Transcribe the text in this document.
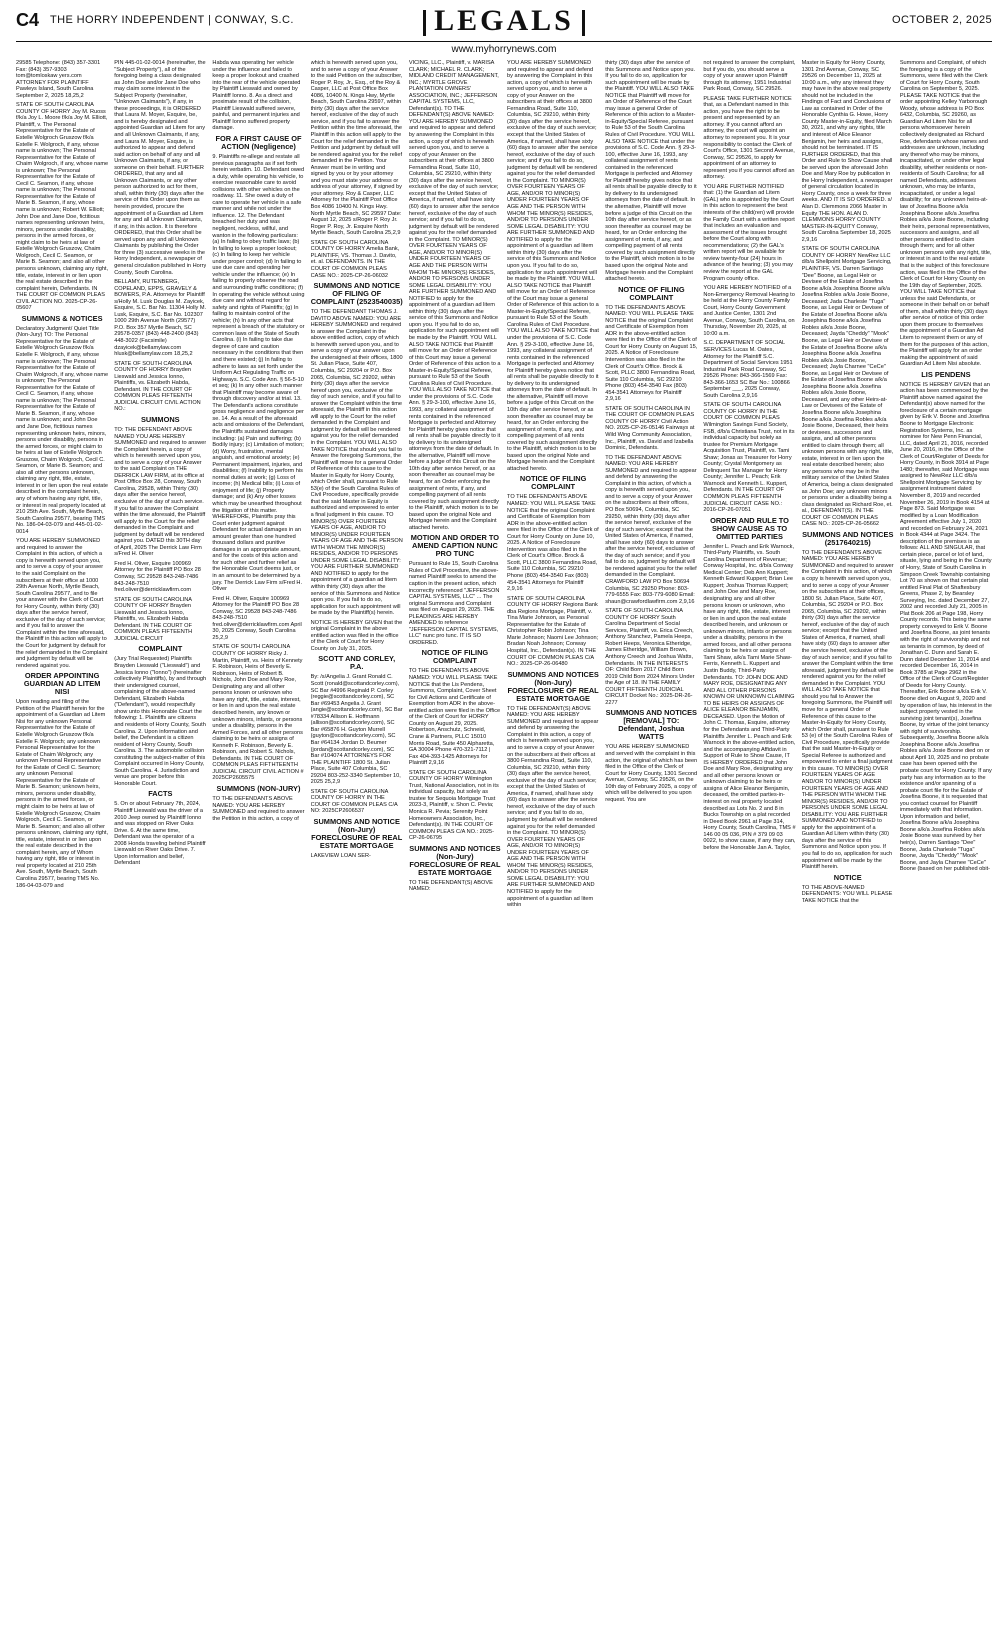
C4 THE HORRY INDEPENDENT | CONWAY, S.C.	LEGALS	OCTOBER 2, 2025
www.myhorrynews.com

29585 Telephone: (843) 357-3301 Fax: (843) 357-9303 tom@tomloskaw yers.com ATTORNEY FOR PLAINTIFF Pawleys Island, South Carolina September 2, 2025 18,25,2

STATE OF SOUTH CAROLINA COUNTY OF HORRY Joy M. Ruoss f/k/a Joy L. Moore f/k/a Joy M. Elliott, Plaintiff, v. The Personal Representative for the Estate of Estelle Wolgroch Gruszow f/k/a Estelle F. Wolgroch, if any, whose name is unknown; The Personal Representative for the Estate of Chaim Wolgroch, if any, whose name is unknown; The Personal Representative for the Estate of Cecil C. Seamon, if any, whose name is unknown; The Personal Representative for the Estate of Marie B. Seamon, if any, whose name is unknown; Robert W. Elliott; John Doe and Jane Doe, fictitious names representing unknown heirs, minors, persons under disability, persons in the armed forces, or might claim to be heirs at law of Estelle Wolgroch Gruszow, Chaim Wolgroch, Cecil C. Seamon, or Marie B. Seamon; and also all other persons unknown, claiming any right, title, estate, interest in or lien upon the real estate described in the complaint herein, Defendants. IN THE COURT OF COMMON PLEAS CIVIL ACTION NO. 2025-CP-26-05607

SUMMONS & NOTICES

Declaratory Judgment/ Quiet Title (Non-Jury) TO: The Personal Representative for the Estate of Estelle Wolgroch Gruszow f/k/a Estelle F. Wolgroch, if any, whose name is unknown; The Personal Representative for the Estate of Chaim Wolgroch, if any, whose name is unknown; The Personal Representative for the Estate of Cecil C. Seamon, if any, whose name is unknown; The Personal Representative for the Estate of Marie B. Seamon, if any, whose name is unknown; and John Doe and Jane Doe, fictitious names representing unknown heirs, minors, persons under disability, persons in the armed forces, or might claim to be heirs at law of Estelle Wolgroch Gruszow, Chaim Wolgroch, Cecil C. Seamon, or Marie B. Seamon; and also all other persons unknown, claiming any right, title, estate, interest in or lien upon the real estate described in the complaint herein, any of whom having any right, title, or interest in real property located at 210 25th Ave. South, Myrtle Beach, South Carolina 29577, bearing TMS No. 186-04-03-079 and 445-01-02-0014

YOU ARE HEREBY SUMMONED and required to answer the Complaint in this action, of which a copy is herewith served upon you, and to serve a copy of your answer to the said Complaint on the subscribers at their office at 1000 29th Avenue North, Myrtle Beach, South Carolina 29577, and to file your answer with the Clerk of Court for Horry County, within thirty (30) days after the service hereof, exclusive of the day of such service; and if you fail to answer the Complaint within the time aforesaid, the Plaintiff in this action will apply to the Court for judgment by default for the relief demanded in the Complaint and judgment by default will be rendered against you.

ORDER APPOINTING GUARDIAN AD LITEM NISI

Upon reading and filing of the Petition of the Plaintiff herein for the appointment of a Guardian ad Litem Nisi for any unknown Personal Representative for the Estate of Estelle Wolgroch Gruszow f/k/a Estelle F. Wolgroch; any unknown Personal Representative for the Estate of Chaim Wolgroch; any unknown Personal Representative for the Estate of Cecil C. Seamon; any unknown Personal Representative for the Estate of Marie B. Seamon; unknown heirs, minors, persons under disability, persons in the armed forces, or might claim to be heirs at law of Estelle Wolgroch Gruszow, Chaim Wolgroch, Cecil C. Seamon, or Marie B. Seamon; and also all other persons unknown, claiming any right, title, estate, interest in or lien upon the real estate described in the complaint herein, any of Whom having any right, title or interest in real property located at 210 25th Ave. South, Myrtle Beach, South Carolina 29577, bearing TMS No. 186-04-03-079 and

PIN 445-01-02-0014 (hereinafter, the "Subject Property"), all of the foregoing being a class designated as John Doe and/or Jane Doe who may claim some interest in the Subject Property (hereinafter, "Unknown Claimants"), if any, in these proceedings, it is ORDERED that Laura M. Moyer, Esquire, be, and is hereby designated and appointed Guardian ad Litem for any and all Unknown Claimants, if any, and Laura M. Moyer, Esquire, is authorized to appear and defend said action on behalf of any and all Unknown Claimants, if any, or someone on their behalf. FURTHER ORDERED, that any and all Unknown Claimants, or any other person authorized to act for them, shall, within thirty (30) days after the service of this Order upon them as herein provided, procure the appointment of a Guardian ad Litem for any and all Unknown Claimants, if any, in this action. It is therefore ORDERED, that this Order shall be served upon any and all Unknown Claimants by publishing the Order for three (3) successive weeks in the Horry Independent, a newspaper of general circulation published in Horry County, South Carolina.

BELLAMY, RUTENBERG, COPELAND, EPPS, GRAVELY & BOWERS, P.A. Attorneys for Plaintiff s/Holly M. Lusk Douglas M. Zayicek, Esquire, S.C. Bar No. 11304 Holly M. Lusk, Esquire, S.C. Bar No. 102307 1000 29th Avenue North (29577) P.O. Box 357 Myrtle Beach, SC 29578-0357 (843) 448-2400 (843) 448-3022 (Facsimile) dzayicek@bellamylaw.com hlusk@bellamylaw.com 18,25,2

STATE OF SOUTH CAROLINA COUNTY OF HORRY Brayden Lieswald and Jessica Ionno, Plaintiffs, vs. Elizabeth Habda, Defendant. IN THE COURT OF COMMON PLEAS FIFTEENTH JUDICIAL CIRCUIT CIVIL ACTION NO.:

SUMMONS

TO: THE DEFENDANT ABOVE NAMED YOU ARE HEREBY SUMMONED and required to answer the Complaint herein, a copy of which is herewith served upon you, and to serve a copy of your Answer to the said Complaint on THE DERRICK LAW FIRM, at its office at Post Office Box 28, Conway, South Carolina, 29528, within Thirty (30) days after the service hereof, exclusive of the day of such service. If you fail to answer the Complaint within the time aforesaid, the Plaintiff will apply to the Court for the relief demanded in the Complaint and judgment by default will be rendered against you. DATED this 30TH day of April, 2025 The Derrick Law Firm s/Fred H. Oliver

Fred H. Oliver, Esquire 100969 Attorney for the Plaintiff PO Box 28 Conway, SC 29528 843-248-7486 843-248-7510 fred.oliver@derricklawfirm.com

STATE OF SOUTH CAROLINA COUNTY OF HORRY Brayden Lieswald and Jessica Ionno, Plaintiffs, vs. Elizabeth Habda Defendant. IN THE COURT OF COMMON PLEAS FIFTEENTH JUDICIAL CIRCUIT

COMPLAINT

(Jury Trial Requested) Plaintiffs Brayden Lieswald ("Lieswald") and Jessica Ionno ("Ionno") (hereinafter collectively Plaintiffs), by and through their undersigned counsel, complaining of the above-named Defendant, Elizabeth Habda ("Defendant"), would respectfully show unto this Honorable Court the following: 1. Plaintiffs are citizens and residents of Horry County, South Carolina. 2. Upon information and belief, the Defendant is a citizen resident of Horry County, South Carolina. 3. The automobile collision constituting the subject-matter of this Complaint occurred in Horry County, South Carolina. 4. Jurisdiction and venue are proper before this Honorable Court.

FACTS

5. On or about February 7th, 2024, Plaintiff Lieswald was the driver of a 2010 Jeep owned by Plaintiff Ionno and was stopped on River Oaks Drive. 6. At the same time, Defendant was the operator of a 2008 Honda traveling behind Plaintiff Lieswald on River Oaks Drive. 7. Upon information and belief, Defendant

Habda was operating her vehicle under the influence and failed to keep a proper lookout and crashed into the rear of the vehicle operated by Plaintiff Lieswald and owned by Plaintiff Ionno. 8. As a direct and proximate result of the collision, Plaintiff Lieswald suffered severe, painful, and permanent injuries and Plaintiff Ionno suffered property damage.

FOR A FIRST CAUSE OF ACTION (Negligence)

9. Plaintiffs re-allege and restate all previous paragraphs as if set forth herein verbatim. 10. Defendant owed a duty, while operating his vehicle, to exercise reasonable care to avoid collisions with other vehicles on the roadway. 11. She owed a duty of care to operate her vehicle in a safe manner and while not under the influence. 12. The Defendant breached her duty and was negligent, reckless, willful, and wanton in the following particulars: (a) In failing to obey traffic laws; (b) In failing to keep a proper lookout; (c) In failing to keep her vehicle under proper control; (d) In failing to use due care and operating her vehicle under the influence; (e) In failing to properly observe the road and surrounding traffic conditions; (f) In operating the vehicle without using due care and without regard for safety and rights of Plaintiffs; (g) In failing to maintain control of the vehicle; (h) In any other acts that represent a breach of the statutory or common laws of the State of South Carolina. (i) In failing to take due degree of care and caution necessary in the conditions that then and there existed; (j) In failing to adhere to laws as set forth under the Uniform Act Regulating Traffic on Highways. S.C. Code Ann. § 56-5-10 et seq; (k) In any other such manner that Plaintiff may become aware of through discovery and/or at trial. 13. The Defendant's actions constitute gross negligence and negligence per se. 14. As a result of the aforesaid acts and omissions of the Defendant, the Plaintiffs sustained damages including: (a) Pain and suffering; (b) Bodily injury; (c) Limitation of motion; (d) Worry, frustration, mental anguish, and emotional anxiety; (e) Permanent impairment, injuries, and disabilities; (f) Inability to perform his normal duties at work; (g) Loss of income; (h) Medical bills; (i) Loss of enjoyment of life; (j) Property damage; and (k) Any other losses which may be unearthed throughout the litigation of this matter. WHEREFORE, Plaintiffs pray this Court enter judgment against Defendant for actual damages in an amount greater than one hundred thousand dollars and punitive damages in an appropriate amount, and for the costs of this action and for such other and further relief as the Honorable Court deems just, or in an amount to be determined by a jury. The Derrick Law Firm s/Fred H. Oliver

Fred H. Oliver, Esquire 100969 Attorney for the Plaintiff PO Box 28 Conway, SC 29528 843-248-7486 843-248-7510 fred.oliver@derricklawfirm.com April 30, 2025 Conway, South Carolina 25,2,9

STATE OF SOUTH CAROLINA COUNTY OF HORRY Ricky J. Martin, Plaintiff, vs. Heirs of Kennety F. Robinson, Heirs of Beverly E. Robinson, Heirs of Robert B. Nichols, John Doe and Mary Roe, Designating any and all other persons known or unknown who have any right, title, estate, interest, or lien in and upon the real estate described herein, any known or unknown minors, infants, or persons under a disability, persons in the Armed Forces, and all other persons claiming to be heirs or assigns of Kenneth F. Robinson, Beverly E. Robinson, and Robert S. Nichols, Defendants. IN THE COURT OF COMMON PLEAS FIFTHTEENTH JUDICIAL CIRCUIT CIVIL ACTION # 2025CP2605575

SUMMONS (NON-JURY)

TO THE DEFENDANTS ABOVE NAMED: YOU ARE HEREBY SUMMONED and required to answer the Petition in this action, a copy of

which is herewith served upon you, and to serve a copy of your Answer to the said Petition on the subscriber, Roger P. Roy, Jr., Esq., of the Roy & Casper, LLC at Post Office Box 4086, 10400 N. Kings Hwy, Myrtle Beach, South Carolina 29597, within thirty (30) days after the service hereof, exclusive of the day of such service, and if you fail to answer the Petition within the time aforesaid, the Plaintiff in this action will apply to the Court for the relief demanded in the Petition and judgment by default will be rendered against you for the relief demanded in the Petition. Your Answer must be in writing and signed by you or by your attorney and you must state your address or address of your attorney, if signed by your attorney. Roy & Casper, LLC Attorney for the Plaintiff Post Office Box 4086 10400 N. Kings Hwy. North Myrtle Beach, SC 29597 Date: August 12, 2025 s/Roger P. Roy Jr. Roger P. Roy, Jr. Esquire North Myrtle Beach, South Carolina 25,2,9

STATE OF SOUTH CAROLINA COUNTY OF HORRY Amelia Bank, PLAINTIFF, VS. Thomas J. Davito, et. al. DEFENDANTS. IN THE COURT OF COMMON PLEAS CASE NO.: 2025-CP-26-06032

SUMMONS AND NOTICE OF FILING OF COMPLAINT (2523540035)

TO THE DEFENDANT THOMAS J. DAVITO ABOVE NAMED: YOU ARE HEREBY SUMMONED and required to answer the Complaint in the above entitled action, copy of which is herewith served upon you, and to serve a copy of your answer upon the undersigned at their offices, 1800 St. Julian Place, Suite 407, Columbia, SC 29204 or P.O. Box 2065, Columbia, SC 29202, within thirty (30) days after the service hereof upon you, exclusive of the day of such service, and if you fail to answer the Complaint within the time aforesaid, the Plaintiff in this action will apply to the Court for the relief demanded in the Complaint and judgment by default will be rendered against you for the relief demanded in the Complaint. YOU WILL ALSO TAKE NOTICE that should you fail to Answer the foregoing Summons, the Plaintiff will move for a general Order of Reference of this cause to the Master in Equity for Horry County, which Order shall, pursuant to Rule 53(e) of the South Carolina Rules of Civil Procedure, specifically provide that the said Master in Equity is authorized and empowered to enter a final judgment in this cause. TO MINOR(S) OVER FOURTEEN YEARS OF AGE, AND/OR TO MINOR(S) UNDER FOURTEEN YEARS OF AGE AND THE PERSON WITH WHOM THE MINOR(S) RESIDES, AND/OR TO PERSONS UNDER SOME LEGAL DISABILITY: YOU ARE FURTHER SUMMONED AND NOTIFIED to apply for the appointment of a guardian ad litem within thirty (30) days after the service of this Summons and Notice upon you. If you fail to do so, application for such appointment will be made by the Plaintiff(s) herein.

NOTICE IS HEREBY GIVEN that the original Complaint in the above entitled action was filed in the office of the Clerk of Court for Horry County on July 31, 2025.

SCOTT AND CORLEY, P.A.

By: /s/Angelia J. Grant Ronald C. Scott (ronald@scottandcorley.com), SC Bar #4996 Reginald P. Corley (reggie@scottandcorley.com), SC Bar #69453 Angelia J. Grant (angie@scottandcorley.com), SC Bar #78334 Allison E. Hoffmann (allison@scottandcorley.com), SC Bar #65876 H. Guyton Murrell (guyton@scottandcorley.com), SC Bar #64134 Jordan D. Beumer (jordan@scottandcorley.com), SC Bar #104074 ATTORNEYS FOR THE PLAINTIFF 1800 St. Julian Place, Suite 407 Columbia, SC 29204 803-252-3340 September 10, 2025 25,2,9

STATE OF SOUTH CAROLINA COUNTY OF HORRY IN THE COURT OF COMMON PLEAS C/A NO: 2025CP2606537

SUMMONS AND NOTICE (Non-Jury) FORECLOSURE OF REAL ESTATE MORTGAGE

LAKEVIEW LOAN SER-

VICING, LLC., Plaintiff, v. MARISA CLARK; MICHAEL R. CLARK; MIDLAND CREDIT MANAGEMENT, INC.; MYRTLE GROVE PLANTATION OWNERS' ASSOCIATION, INC.; JEFFERSON CAPITAL SYSTEMS, LLC, Defendant(s). TO THE DEFENDANT(S) ABOVE NAMED: YOU ARE HEREBY SUMMONED and required to appear and defend by answering the Complaint in this action, a copy of which is herewith served upon you, and to serve a copy of your Answer on the subscribers at their offices at 3800 Fernandina Road, Suite 110, Columbia, SC 29210, within thirty (30) days after the service hereof, exclusive of the day of such service; except that the United States of America, if named, shall have sixty (60) days to answer after the service hereof, exclusive of the day of such service; and if you fail to do so, judgment by default will be rendered against you for the relief demanded in the Complaint. TO MINOR(S) OVER FOURTEEN YEARS OF AGE, AND/OR TO MINOR(S) UNDER FOURTEEN YEARS OF AGE AND THE PERSON WITH WHOM THE MINOR(S) RESIDES, AND/OR TO PERSONS UNDER SOME LEGAL DISABILITY: YOU ARE FURTHER SUMMONED AND NOTIFIED to apply for the appointment of a guardian ad litem within thirty (30) days after the service of this Summons and Notice upon you. If you fail to do so, application for such appointment will be made by the Plaintiff. YOU WILL ALSO TAKE NOTICE that Plaintiff will move for an Order of Reference of this Court may issue a general Order of Reference of this action to a Master-in-Equity/Special Referee, pursuant to Rule 53 of the South Carolina Rules of Civil Procedure. YOU WILL ALSO TAKE NOTICE that under the provisions of S.C. Code Ann. § 29-3-100, effective June 16, 1993, any collateral assignment of rents contained in the referenced Mortgage is perfected and Attorney for Plaintiff hereby gives notice that all rents shall be payable directly to it by delivery to its undersigned attorneys from the date of default. In the alternative, Plaintiff will move before a judge of this Circuit on the 10th day after service hereof, or as soon thereafter as counsel may be heard, for an Order enforcing the assignment of rents, if any, and compelling payment of all rents covered by such assignment directly to the Plaintiff, which motion is to be based upon the original Note and Mortgage herein and the Complaint attached hereto.

MOTION AND ORDER TO AMEND CAPTION NUNC PRO TUNC

Pursuant to Rule 15, South Carolina Rules of Civil Procedure, the above-named Plaintiff seeks to amend the caption in the present action, which incorrectly referenced "JEFFERSON CAPITAL SYSTEMS, LLC" ... The original Summons and Complaint was filed on August 29, 2025. THE PLEADINGS ARE HEREBY AMENDED to reference "JEFFERSON CAPITAL SYSTEMS, LLC" nunc pro tunc. IT IS SO ORDERED.

NOTICE OF FILING COMPLAINT

TO THE DEFENDANTS ABOVE NAMED: YOU WILL PLEASE TAKE NOTICE that the Lis Pendens, Summons, Complaint, Cover Sheet for Civil Actions and Certificate of Exemption from ADR in the above-entitled action were filed in the Office of the Clerk of Court for HORRY County on August 29, 2025. Robertson, Anschutz, Schneid, Crane & Partners, PLLC 15010 Morris Road, Suite 450 Alpharetta, GA 30004 Phone 470-321-7112 | Fax 404-393-1425 Attorneys for Plaintiff 2,9,16

STATE OF SOUTH CAROLINA COUNTY OF HORRY Wilmington Trust, National Association, not in its individual capacity, but solely as trustee for Sequoia Mortgage Trust 2023-3, Plaintiff, v. Shon C. Pevia; Monica R. Pevia; Serenity Point Homeowners Association, Inc., Defendant(s). IN THE COURT OF COMMON PLEAS C/A NO.: 2025-CP-26-06795

SUMMONS AND NOTICES (Non-Jury) FORECLOSURE OF REAL ESTATE MORTGAGE

TO THE DEFENDANT(S) ABOVE NAMED:

YOU ARE HEREBY SUMMONED and required to appear and defend by answering the Complaint in this action, a copy of which is herewith served upon you, and to serve a copy of your Answer on the subscribers at their offices at 3800 Fernandina Road, Suite 110, Columbia, SC 29210, within thirty (30) days after the service hereof, exclusive of the day of such service; except that the United States of America, if named, shall have sixty (60) days to answer after the service hereof, exclusive of the day of such service; and if you fail to do so, judgment by default will be rendered against you for the relief demanded in the Complaint. TO MINOR(S) OVER FOURTEEN YEARS OF AGE, AND/OR TO MINOR(S) UNDER FOURTEEN YEARS OF AGE AND THE PERSON WITH WHOM THE MINOR(S) RESIDES, AND/OR TO PERSONS UNDER SOME LEGAL DISABILITY: YOU ARE FURTHER SUMMONED AND NOTIFIED to apply for the appointment of a guardian ad litem within thirty (30) days after the service of this Summons and Notice upon you. If you fail to do so, application for such appointment will be made by the Plaintiff. YOU WILL ALSO TAKE NOTICE that Plaintiff will move for an Order of Reference of the Court may issue a general Order of Reference of this action to a Master-in-Equity/Special Referee, pursuant to Rule 53 of the South Carolina Rules of Civil Procedure. YOU WILL ALSO TAKE NOTICE that under the provisions of S.C. Code Ann. § 29-3-100, effective June 16, 1993, any collateral assignment of rents contained in the referenced Mortgage is perfected and Attorney for Plaintiff hereby gives notice that all rents shall be payable directly to it by delivery to its undersigned attorneys from the date of default. In the alternative, Plaintiff will move before a judge of this Circuit on the 10th day after service hereof, or as soon thereafter as counsel may be heard, for an Order enforcing the assignment of rents, if any, and compelling payment of all rents covered by such assignment directly to the Plaintiff, which motion is to be based upon the original Note and Mortgage herein and the Complaint attached hereto.

NOTICE OF FILING COMPLAINT

TO THE DEFENDANTS ABOVE NAMED: YOU WILL PLEASE TAKE NOTICE that the original Complaint and Certificate of Exemption from ADR in the above-entitled action were filed in the Office of the Clerk of Court for Horry County on June 10, 2025. A Notice of Foreclosure Intervention was also filed in the Clerk of Court's Office. Brock & Scott, PLLC 3800 Fernandina Road, Suite 110 Columbia, SC 29210 Phone (803) 454-3540 Fax (803) 454-3541 Attorneys for Plaintiff 2,9,16

STATE OF SOUTH CAROLINA COUNTY OF HORRY Regions Bank dba Regions Mortgage, Plaintiff, v. Tina Marie Johnson, as Personal Representative for the Estate of Christopher Robin Johnson; Tina Marie Johnson; Naomi Lee Johnson; Bradan Noah Johnson; Conway Hospital, Inc., Defendant(s). IN THE COURT OF COMMON PLEAS C/A NO.: 2025-CP-26-06480

SUMMONS AND NOTICES (Non-Jury) FORECLOSURE OF REAL ESTATE MORTGAGE

TO THE DEFENDANT(S) ABOVE NAMED: YOU ARE HEREBY SUMMONED and required to appear and defend by answering the Complaint in this action, a copy of which is herewith served upon you, and to serve a copy of your Answer on the subscribers at their offices at 3800 Fernandina Road, Suite 110, Columbia, SC 29210, within thirty (30) days after the service hereof, exclusive of the day of such service; except that the United States of America, if named, shall have sixty (60) days to answer after the service hereof, exclusive of the day of such service; and if you fail to do so, judgment by default will be rendered against you for the relief demanded in the Complaint. TO MINOR(S) OVER FOURTEEN YEARS OF AGE, AND/OR TO MINOR(S) UNDER FOURTEEN YEARS OF AGE AND THE PERSON WITH WHOM THE MINOR(S) RESIDES, AND/OR TO PERSONS UNDER SOME LEGAL DISABILITY: YOU ARE FURTHER SUMMONED AND NOTIFIED to apply for the appointment of a guardian ad litem within

thirty (30) days after the service of this Summons and Notice upon you. If you fail to do so, application for such appointment will be made by the Plaintiff. YOU WILL ALSO TAKE NOTICE that Plaintiff will move for an Order of Reference of the Court may issue a general Order of Reference of this action to a Master-in-Equity/Special Referee, pursuant to Rule 53 of the South Carolina Rules of Civil Procedure. YOU WILL ALSO TAKE NOTICE that under the provisions of S.C. Code Ann. § 29-3-100, effective June 16, 1993, any collateral assignment of rents contained in the referenced Mortgage is perfected and Attorney for Plaintiff hereby gives notice that all rents shall be payable directly to it by delivery to its undersigned attorneys from the date of default. In the alternative, Plaintiff will move before a judge of this Circuit on the 10th day after service hereof, or as soon thereafter as counsel may be heard, for an Order enforcing the assignment of rents, if any, and compelling payment of all rents covered by such assignment directly to the Plaintiff, which motion is to be based upon the original Note and Mortgage herein and the Complaint attached hereto.

NOTICE OF FILING COMPLAINT

TO THE DEFENDANTS ABOVE NAMED: YOU WILL PLEASE TAKE NOTICE that the original Complaint and Certificate of Exemption from ADR in the above-entitled action were filed in the Office of the Clerk of Court for Horry County on August 15, 2025. A Notice of Foreclosure Intervention was also filed in the Clerk of Court's Office. Brock & Scott, PLLC 3800 Fernandina Road, Suite 110 Columbia, SC 29210 Phone (803) 454-3540 Fax (803) 454-3541 Attorneys for Plaintiff 2,9,16

STATE OF SOUTH CAROLINA IN THE COURT OF COMMON PLEAS COUNTY OF HORRY Civil Action NO. 2025-CP-26-05146 Fairways at Wild Wing Community Association, Inc., Plaintiff, vs. David and Izabella Dominic, Defendants.

TO THE DEFENDANT ABOVE NAMED: YOU ARE HEREBY SUMMONED and required to appear and defend by answering the Complaint in this action, of which a copy is herewith served upon you, and to serve a copy of your Answer on the subscribers at their offices, PO Box 50694, Columbia, SC 29250, within thirty (30) days after the service hereof, exclusive of the day of such service; except that the United States of America, if named, shall have sixty (60) days to answer after the service hereof, exclusive of the day of such service; and if you fail to do so, judgment by default will be rendered against you for the relief demanded in the Complaint. CRAWFORD LAW PO Box 50694 Columbia, SC 29250 Phone: 803-779-6555 Fax: 803-779-6080 Email: shaun@crawfordlawfirm.com 2,9,16

STATE OF SOUTH CAROLINA COUNTY OF HORRY South Carolina Department of Social Services, Plaintiff, vs. Erica Creech, Anthony Stanchez, Pamela Heeps, Robert Heeps, Veronica Etheridge, James Etheridge, William Brown, Anthony Creech and Joshua Watts, Defendants. IN THE INTERESTS OF: Child Born 2017 Child Born 2019 Child Born 2024 Minors Under the Age of 18. IN THE FAMILY COURT FIFTEENTH JUDICIAL CIRCUIT Docket No.: 2025-DR-26-2277

SUMMONS AND NOTICES [REMOVAL] TO: Defendant, Joshua WATTS

YOU ARE HEREBY SUMMONED and served with the complaint in this action, the original of which has been filed in the Office of the Clerk of Court for Horry County, 1301 Second Avenue, Conway, SC 29526, on the 10th day of February 2025, a copy of which will be delivered to you upon request. You are

not required to answer the complaint, but if you do, you should serve a copy of your answer upon Plaintiff through its attorney, 1951 Industrial Park Road, Conway, SC 29526.

PLEASE TAKE FURTHER NOTICE that, as a Defendant named in this action, you have the right to be present and represented by an attorney. If you cannot afford an attorney, the court will appoint an attorney to represent you. It is your responsibility to contact the Clerk of Court's Office, 1301 Second Avenue, Conway, SC 29526, to apply for appointment of an attorney to represent you if you cannot afford an attorney.

YOU ARE FURTHER NOTIFIED that: (1) the Guardian ad Litem (GAL) who is appointed by the Court in this action to represent the best interests of the child(ren) will provide the Family Court with a written report that includes an evaluation and assessment of the issues brought before the Court along with recommendations; (2) the GAL's written report will be available for review twenty-four (24) hours in advance of the hearing; (3) you may review the report at the GAL Program county office.

YOU ARE HEREBY NOTIFIED of a Non-Emergency Removal Hearing to be held at the Horry County Family Court, Horry County Government and Justice Center, 1301 2nd Avenue, Conway, South Carolina, on Thursday, November 20, 2025, at 10:00 a.m.

S.C. DEPARTMENT OF SOCIAL SERVICES Lucas M. Oates, Attorney for the Plaintiff S.C. Department of Social Services 1951 Industrial Park Road Conway, SC 29526 Phone: 843-366-1569 Fax: 843-366-1653 SC Bar No.: 100866 September ___, 2025 Conway, South Carolina 2,9,16

STATE OF SOUTH CAROLINA COUNTY OF HORRY IN THE COURT OF COMMON PLEAS Wilmington Savings Fund Society, FSB, d/b/a Christiana Trust, not in its individual capacity but solely as trustee for Premium Mortgage Acquisition Trust, Plaintiff, vs. Tami Shaw; Jonas as Treasurer for Horry County; Crystal Montgomery as Delinquent Tax Manager for Horry County; Jennifer L. Peach; Erik Warnock and Kenneth L. Kuppert, Defendants. IN THE COURT OF COMMON PLEAS FIFTEENTH JUDICIAL CIRCUIT CASE NO.: 2016-CP-26-07051

ORDER AND RULE TO SHOW CAUSE AS TO OMITTED PARTIES

Jennifer L. Peach and Erik Warnock, Third-Party Plaintiffs, vs. South Carolina Department of Revenue; Conway Hospital, Inc. d/b/a Conway Medical Center; Deb Ann Kuppert; Kenneth Edward Kuppert; Brian Lee Kuppert; Joshua Thomas Kuppert; and John Doe and Mary Roe, designating any and all other persons known or unknown, who have any right, title, estate, interest or lien in and upon the real estate described herein, and unknown or unknown minors, infants or persons under a disability, persons in the armed forces, and all other persons claiming to be heirs or assigns of Tami Shaw, a/k/a Tami Marie Shaw-Ferris, Kenneth L. Kuppert and Justin Buddy, Third-Party Defendants. TO: JOHN DOE AND MARY ROE, DESIGNATING ANY AND ALL OTHER PERSONS KNOWN OR UNKNOWN CLAIMING TO BE HEIRS OR ASSIGNS OF ALICE ELEANOR BENJAMIN, DECEASED. Upon the Motion of John C. Thomas, Esquire, attorney for the Defendants and Third-Party Plaintiffs Jennifer L. Peach and Erik Warnock in the above-entitled action, and the accompanying Affidavit in Support of Rule to Show Cause, IT IS HEREBY ORDERED that John Doe and Mary Roe, designating any and all other persons known or unknown claiming to be heirs or assigns of Alice Eleanor Benjamin, deceased, the omitted parties-in-interest on real property located described as Lots No. 2 and 8 in Bucks Township on a plat recorded in Deed Book 2961 at Page 314, Horry County, South Carolina, TMS # 146 00 05 036, PIN # 379 09 03 0022, to show cause, if any they can, before the Honorable Jan A. Taylor,

Master in Equity for Horry County, 1301 2nd Avenue, Conway, SC 29526 on December 11, 2025 at 10:00 a.m., why any interest they may have in the above real property should not be included in the Findings of Fact and Conclusions of Law as contained in Order of the Honorable Cynthia G. Howe, Horry County Master-in-Equity, filed March 30, 2021, and why any rights, title and interest of Alice Eleanor Benjamin, her heirs and assigns, should not be terminated. IT IS FURTHER ORDERED, that this Order and Rule to Show Cause shall be served upon the aforesaid John Doe and Mary Roe by publication in the Horry Independent, a newspaper of general circulation located in Horry County, once a week for three weeks. AND IT IS SO ORDERED. s/ Alan D. Clemmons 2066 Master in Equity THE HON. ALAN D. CLEMMONS HORRY COUNTY MASTER-IN-EQUITY Conway, South Carolina September 18, 2025 2,9,16

STATE OF SOUTH CAROLINA COUNTY OF HORRY NewRez LLC d/b/a Shellpoint Mortgage Servicing, PLAINTIFF, VS. Darren Santiago "Dee" Boone, as Legal Heir or Devisee of the Estate of Josefina Boone a/k/a Josephina Boone a/k/a Josefina Robles a/k/a Josie Boone, Deceased; Jada Charlesle "Tuga" Boone, as Legal Heir or Devisee of the Estate of Josefina Boone a/k/a Josephina Boone a/k/a Josefina Robles a/k/a Josie Boone, Deceased; Jayda "Cheddy" "Mook" Boone, as Legal Heir or Devisee of the Estate of Josefina Boone a/k/a Josephina Boone a/k/a Josefina Robles a/k/a Josie Boone, Deceased; Jayla Charnee "CeCe" Boone, as Legal Heir or Devisee of the Estate of Josefina Boone a/k/a Josephina Boone a/k/a Josefina Robles a/k/a Josie Boone, Deceased, and any other Heirs-at-Law or Devisees of the Estate of Josefina Boone a/k/a Josephina Boone a/k/a Josefina Robles a/k/a Josie Boone, Deceased, their heirs or devisees, successors and assigns, and all other persons entitled to claim through them; all unknown persons with any right, title, estate, interest in or lien upon the real estate described herein; also any persons who may be in the military service of the United States of America, being a class designated as John Doe; any unknown minors or persons under a disability being a class designated as Richard Roe, et. al., DEFENDANT(S). IN THE COURT OF COMMON PLEAS CASE NO.: 2025-CP-26-05662

SUMMONS AND NOTICES (2517640215)

TO THE DEFENDANTS ABOVE NAMED: YOU ARE HEREBY SUMMONED and required to answer the Complaint in this action, of which a copy is herewith served upon you, and to serve a copy of your Answer on the subscribers at their offices, 1800 St. Julian Place, Suite 407, Columbia, SC 29204 or P.O. Box 2065, Columbia, SC 29202, within thirty (30) days after the service hereof, exclusive of the day of such service; except that the United States of America, if named, shall have sixty (60) days to answer after the service hereof, exclusive of the day of such service; and if you fail to answer the Complaint within the time aforesaid, judgment by default will be rendered against you for the relief demanded in the Complaint. YOU WILL ALSO TAKE NOTICE that should you fail to Answer the foregoing Summons, the Plaintiff will move for a general Order of Reference of this cause to the Master-In-Equity for Horry County, which Order shall, pursuant to Rule 53 (e) of the South Carolina Rules of Civil Procedure, specifically provide that the said Master-In-Equity or Special Referee is authorized and empowered to enter a final judgment in this cause. TO MINOR(S) OVER FOURTEEN YEARS OF AGE AND/OR TO MINOR(S) UNDER FOURTEEN YEARS OF AGE AND THE PERSON WITH WHOM THE MINOR(S) RESIDES, AND/OR TO PERSONS UNDER SOME LEGAL DISABILITY: YOU ARE FURTHER SUMMONED AND NOTIFIED to apply for the appointment of a Guardian Ad Litem within thirty (30) days after the service of this Summons and Notice upon you. If you fail to do so, application for such appointment will be made by the Plaintiff herein.

NOTICE

TO THE ABOVE-NAMED DEFENDANTS: YOU WILL PLEASE TAKE NOTICE that the

Summons and Complaint, of which the foregoing is a copy of the Summons, were filed with the Clerk of Court for Horry County, South Carolina on September 5, 2025. PLEASE TAKE NOTICE that the order appointing Kelley Yarborough Woody, whose address is PO Box 6432, Columbia, SC 29260, as Guardian Ad Litem Nisi for all persons whomsoever herein collectively designated as Richard Roe, defendants whose names and addresses are unknown, including any thereof who may be minors, incapacitated, or under other legal disability, whether residents or non-residents of South Carolina; for all named Defendants, addresses unknown, who may be infants, incapacitated, or under a legal disability; for any unknown heirs-at-law of Josefina Boone a/k/a Josephina Boone a/k/a Josefina Robles a/k/a Josie Boone, including their heirs, personal representatives, successors and assigns, and all other persons entitled to claim through them; and for all other unknown persons with any right, title, or interest in and to the real estate that is the subject of this foreclosure action, was filed in the Office of the Clerk of Court for Horry County on the 19th day of September, 2025. YOU WILL TAKE NOTICE that unless the said Defendants, or someone in their behalf on or behalf of them, shall within thirty (30) days after service of notice of this order upon them procure to themselves the appointment of a Guardian Ad Litem to represent them or any of them for the purposes of this action, the Plaintiff will apply for an order making the appointment of said Guardian Ad Litem Nisi absolute.

LIS PENDENS

NOTICE IS HEREBY GIVEN that an action has been commenced by the Plaintiff above named against the Defendant(s) above named for the foreclosure of a certain mortgage given by Erik V. Boone and Josefina Boone to Mortgage Electronic Registration Systems, Inc. as nominee for New Penn Financial, LLC, dated April 21, 2016, recorded June 20, 2016, in the Office of the Clerk of Court/Register of Deeds for Horry County, in Book 3914 at Page 1480; thereafter, said Mortgage was assigned to NewRez LLC d/b/a Shellpoint Mortgage Servicing by assignment instrument dated November 8, 2019 and recorded November 26, 2019 in Book 4154 at Page 873. Said Mortgage was modified by a Loan Modification Agreement effective July 1, 2020 and recorded on February 24, 2021 in Book 4344 at Page 3424. The description of the premises is as follows: ALL AND SINGULAR, that certain piece, parcel or lot of land, situate, lying and being in the County of Horry, State of South Carolina in Simpson Creek Township containing Lot 70 as shown on that certain plat entitled Final Plat of Shaftesbury Greens, Phase 2, by Bearsley Surveying, Inc. dated December 27, 2002 and recorded July 21, 2005 in Plat Book 206 at Page 198, Horry County records. This being the same property conveyed to Erik V. Boone and Josefina Boone, as joint tenants with the right of survivorship and not as tenants in common, by deed of Jonathan C. Dunn and Sarah E. Dunn dated December 11, 2014 and recorded December 16, 2014 in Book 3785 at Page 2962 in the Office of the Clerk of Court/Register of Deeds for Horry County. Thereafter, Erik Boone a/k/a Erik V. Boone died on August 9, 2020 and by operation of law, his interest in the subject property vested in the surviving joint tenant(s), Josefina Boone, by virtue of the joint tenancy with right of survivorship. Subsequently, Josefina Boone a/k/a Josephina Boone a/k/a Josefina Robles a/k/a Josie Boone died on or about April 10, 2025 and no probate case has been opened with the probate court for Horry County. If any party has any information as to the existence and/or spanning of a probate court file for the Estate of Josefina Boone, it is requested that you contact counsel for Plaintiff immediately with that information. Upon information and belief, Josefina Boone a/k/a Josephina Boone a/k/a Josefina Robles a/k/a Josie Boone was survived by her heir(s), Darren Santiago "Dee" Boone, Jada Charlesle "Tuga" Boone, Jayda "Cheddy" "Mook" Boone, and Jayla Charnee "CeCe" Boone (based on her published obit-
